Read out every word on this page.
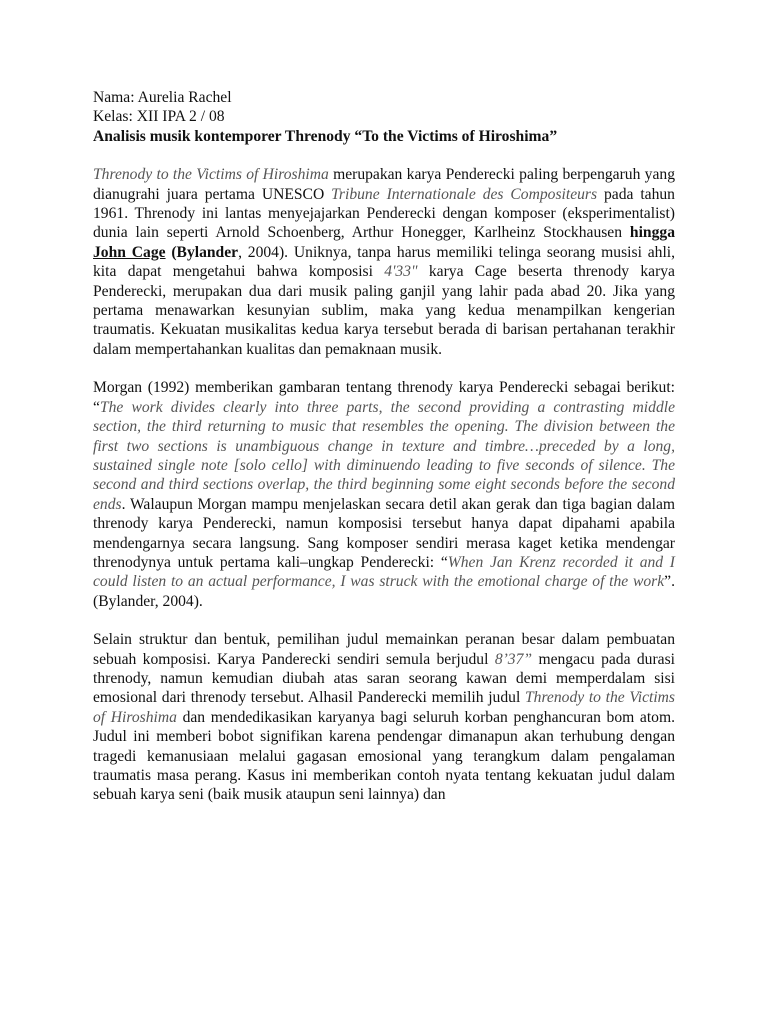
Nama: Aurelia Rachel

Kelas: XII IPA 2 / 08

Analisis musik kontemporer Threnody “To the Victims of Hiroshima”

Threnody to the Victims of Hiroshima merupakan karya Penderecki paling berpengaruh yang dianugrahi juara pertama UNESCO Tribune Internationale des Compositeurs pada tahun 1961. Threnody ini lantas menyejajarkan Penderecki dengan komposer (eksperimentalist) dunia lain seperti Arnold Schoenberg, Arthur Honegger, Karlheinz Stockhausen hingga John Cage (Bylander, 2004). Uniknya, tanpa harus memiliki telinga seorang musisi ahli, kita dapat mengetahui bahwa komposisi 4'33" karya Cage beserta threnody karya Penderecki, merupakan dua dari musik paling ganjil yang lahir pada abad 20. Jika yang pertama menawarkan kesunyian sublim, maka yang kedua menampilkan kengerian traumatis. Kekuatan musikalitas kedua karya tersebut berada di barisan pertahanan terakhir dalam mempertahankan kualitas dan pemaknaan musik.

Morgan (1992) memberikan gambaran tentang threnody karya Penderecki sebagai berikut: “The work divides clearly into three parts, the second providing a contrasting middle section, the third returning to music that resembles the opening. The division between the first two sections is unambiguous change in texture and timbre…preceded by a long, sustained single note [solo cello] with diminuendo leading to five seconds of silence. The second and third sections overlap, the third beginning some eight seconds before the second ends. Walaupun Morgan mampu menjelaskan secara detil akan gerak dan tiga bagian dalam threnody karya Penderecki, namun komposisi tersebut hanya dapat dipahami apabila mendengarnya secara langsung. Sang komposer sendiri merasa kaget ketika mendengar threnodynya untuk pertama kali–ungkap Penderecki: “When Jan Krenz recorded it and I could listen to an actual performance, I was struck with the emotional charge of the work”. (Bylander, 2004).

Selain struktur dan bentuk, pemilihan judul memainkan peranan besar dalam pembuatan sebuah komposisi. Karya Panderecki sendiri semula berjudul 8’37” mengacu pada durasi threnody, namun kemudian diubah atas saran seorang kawan demi memperdalam sisi emosional dari threnody tersebut. Alhasil Panderecki memilih judul Threnody to the Victims of Hiroshima dan mendedikasikan karyanya bagi seluruh korban penghancuran bom atom. Judul ini memberi bobot signifikan karena pendengar dimanapun akan terhubung dengan tragedi kemanusiaan melalui gagasan emosional yang terangkum dalam pengalaman traumatis masa perang. Kasus ini memberikan contoh nyata tentang kekuatan judul dalam sebuah karya seni (baik musik ataupun seni lainnya) dan
